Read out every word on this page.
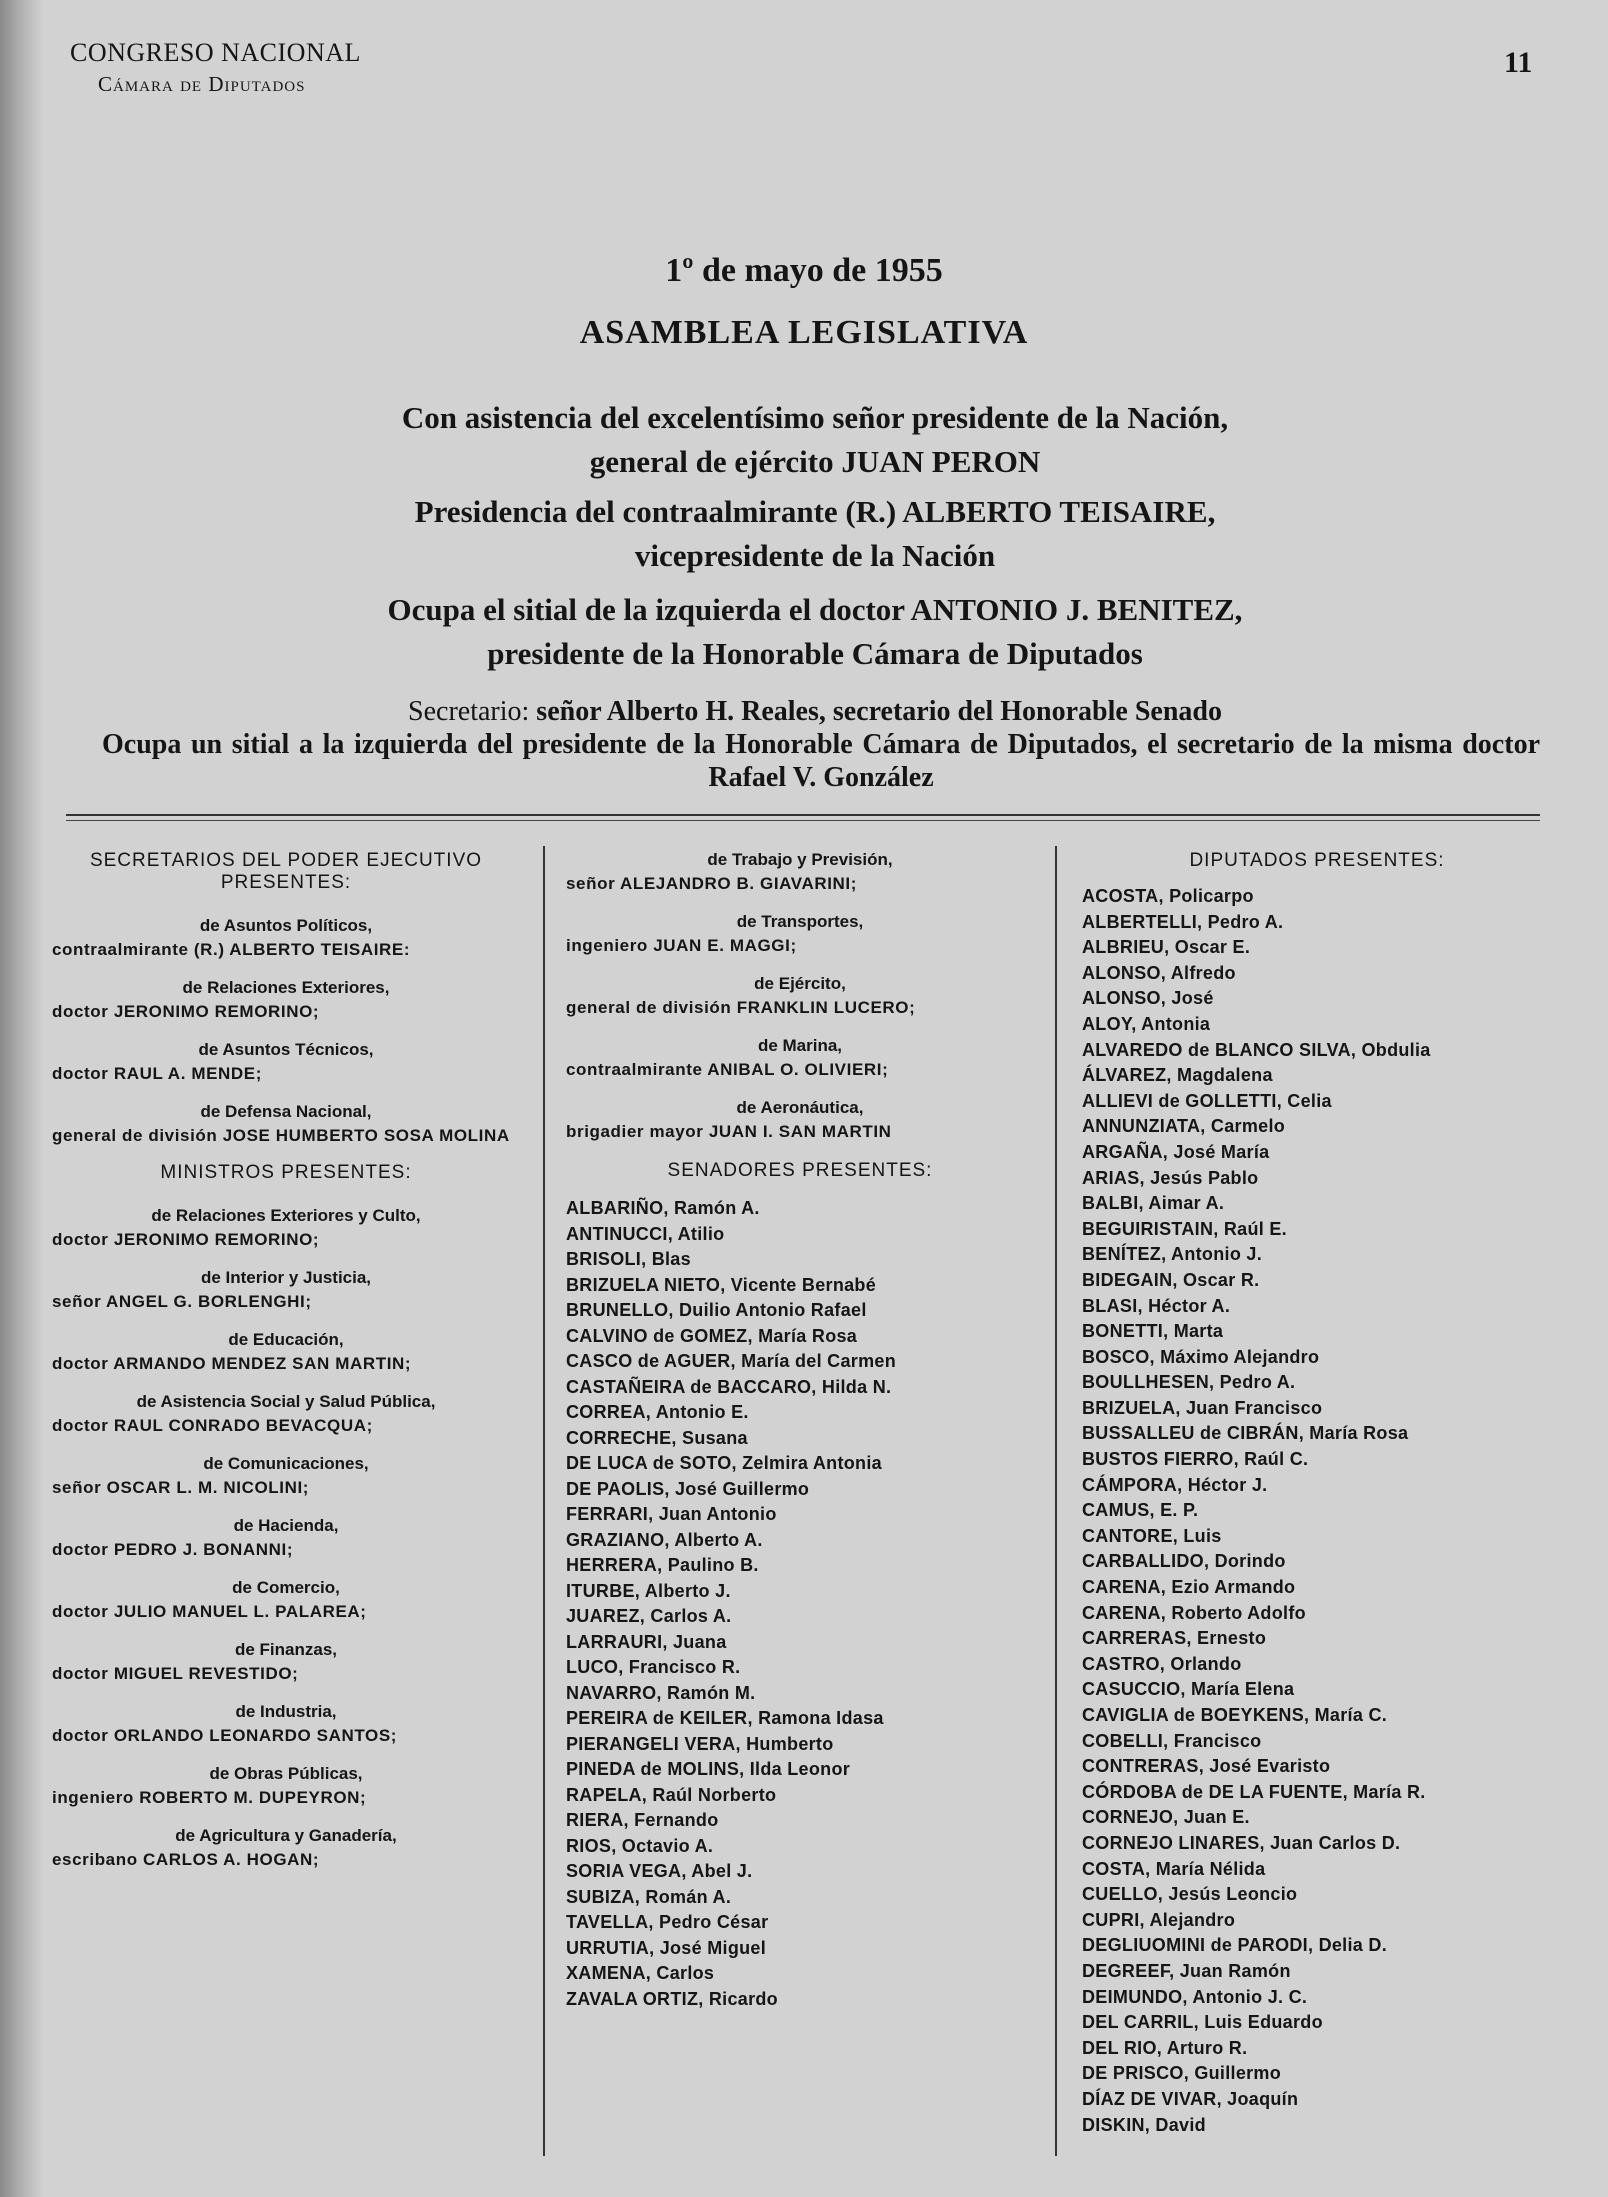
CONGRESO NACIONAL
Cámara de Diputados
11
1º de mayo de 1955
ASAMBLEA LEGISLATIVA
Con asistencia del excelentísimo señor presidente de la Nación,
general de ejército JUAN PERON
Presidencia del contraalmirante (R.) ALBERTO TEISAIRE,
vicepresidente de la Nación
Ocupa el sitial de la izquierda el doctor ANTONIO J. BENITEZ,
presidente de la Honorable Cámara de Diputados
Secretario: señor Alberto H. Reales, secretario del Honorable Senado
Ocupa un sitial a la izquierda del presidente de la Honorable Cámara de Diputados, el secretario de la misma doctor Rafael V. González
SECRETARIOS DEL PODER EJECUTIVO
PRESENTES:
de Asuntos Políticos,
contraalmirante (R.) ALBERTO TEISAIRE:
de Relaciones Exteriores,
doctor JERONIMO REMORINO;
de Asuntos Técnicos,
doctor RAUL A. MENDE;
de Defensa Nacional,
general de división JOSE HUMBERTO SOSA MOLINA
MINISTROS PRESENTES:
de Relaciones Exteriores y Culto,
doctor JERONIMO REMORINO;
de Interior y Justicia,
señor ANGEL G. BORLENGHI;
de Educación,
doctor ARMANDO MENDEZ SAN MARTIN;
de Asistencia Social y Salud Pública,
doctor RAUL CONRADO BEVACQUA;
de Comunicaciones,
señor OSCAR L. M. NICOLINI;
de Hacienda,
doctor PEDRO J. BONANNI;
de Comercio,
doctor JULIO MANUEL L. PALAREA;
de Finanzas,
doctor MIGUEL REVESTIDO;
de Industria,
doctor ORLANDO LEONARDO SANTOS;
de Obras Públicas,
ingeniero ROBERTO M. DUPEYRON;
de Agricultura y Ganadería,
escribano CARLOS A. HOGAN;
de Trabajo y Previsión,
señor ALEJANDRO B. GIAVARINI;
de Transportes,
ingeniero JUAN E. MAGGI;
de Ejército,
general de división FRANKLIN LUCERO;
de Marina,
contraalmirante ANIBAL O. OLIVIERI;
de Aeronáutica,
brigadier mayor JUAN I. SAN MARTIN
SENADORES PRESENTES:
ALBARIÑO, Ramón A.
ANTINUCCI, Atilio
BRISOLI, Blas
BRIZUELA NIETO, Vicente Bernabé
BRUNELLO, Duilio Antonio Rafael
CALVINO de GOMEZ, María Rosa
CASCO de AGUER, María del Carmen
CASTAÑEIRA de BACCARO, Hilda N.
CORREA, Antonio E.
CORRECHE, Susana
DE LUCA de SOTO, Zelmira Antonia
DE PAOLIS, José Guillermo
FERRARI, Juan Antonio
GRAZIANO, Alberto A.
HERRERA, Paulino B.
ITURBE, Alberto J.
JUAREZ, Carlos A.
LARRAURI, Juana
LUCO, Francisco R.
NAVARRO, Ramón M.
PEREIRA de KEILER, Ramona Idasa
PIERANGELI VERA, Humberto
PINEDA de MOLINS, Ilda Leonor
RAPELA, Raúl Norberto
RIERA, Fernando
RIOS, Octavio A.
SORIA VEGA, Abel J.
SUBIZA, Román A.
TAVELLA, Pedro César
URRUTIA, José Miguel
XAMENA, Carlos
ZAVALA ORTIZ, Ricardo
DIPUTADOS PRESENTES:
ACOSTA, Policarpo
ALBERTELLI, Pedro A.
ALBRIEU, Oscar E.
ALONSO, Alfredo
ALONSO, José
ALOY, Antonia
ALVAREDO de BLANCO SILVA, Obdulia
ÁLVAREZ, Magdalena
ALLIEVI de GOLLETTI, Celia
ANNUNZIATA, Carmelo
ARGAÑA, José María
ARIAS, Jesús Pablo
BALBI, Aimar A.
BEGUIRISTAIN, Raúl E.
BENÍTEZ, Antonio J.
BIDEGAIN, Oscar R.
BLASI, Héctor A.
BONETTI, Marta
BOSCO, Máximo Alejandro
BOULLHESEN, Pedro A.
BRIZUELA, Juan Francisco
BUSSALLEU de CIBRÁN, María Rosa
BUSTOS FIERRO, Raúl C.
CÁMPORA, Héctor J.
CAMUS, E. P.
CANTORE, Luis
CARBALLIDO, Dorindo
CARENA, Ezio Armando
CARENA, Roberto Adolfo
CARRERAS, Ernesto
CASTRO, Orlando
CASUCCIO, María Elena
CAVIGLIA de BOEYKENS, María C.
COBELLI, Francisco
CONTRERAS, José Evaristo
CÓRDOBA de DE LA FUENTE, María R.
CORNEJO, Juan E.
CORNEJO LINARES, Juan Carlos D.
COSTA, María Nélida
CUELLO, Jesús Leoncio
CUPRI, Alejandro
DEGLIUOMINI de PARODI, Delia D.
DEGREEF, Juan Ramón
DEIMUNDO, Antonio J. C.
DEL CARRIL, Luis Eduardo
DEL RIO, Arturo R.
DE PRISCO, Guillermo
DÍAZ DE VIVAR, Joaquín
DISKIN, David
